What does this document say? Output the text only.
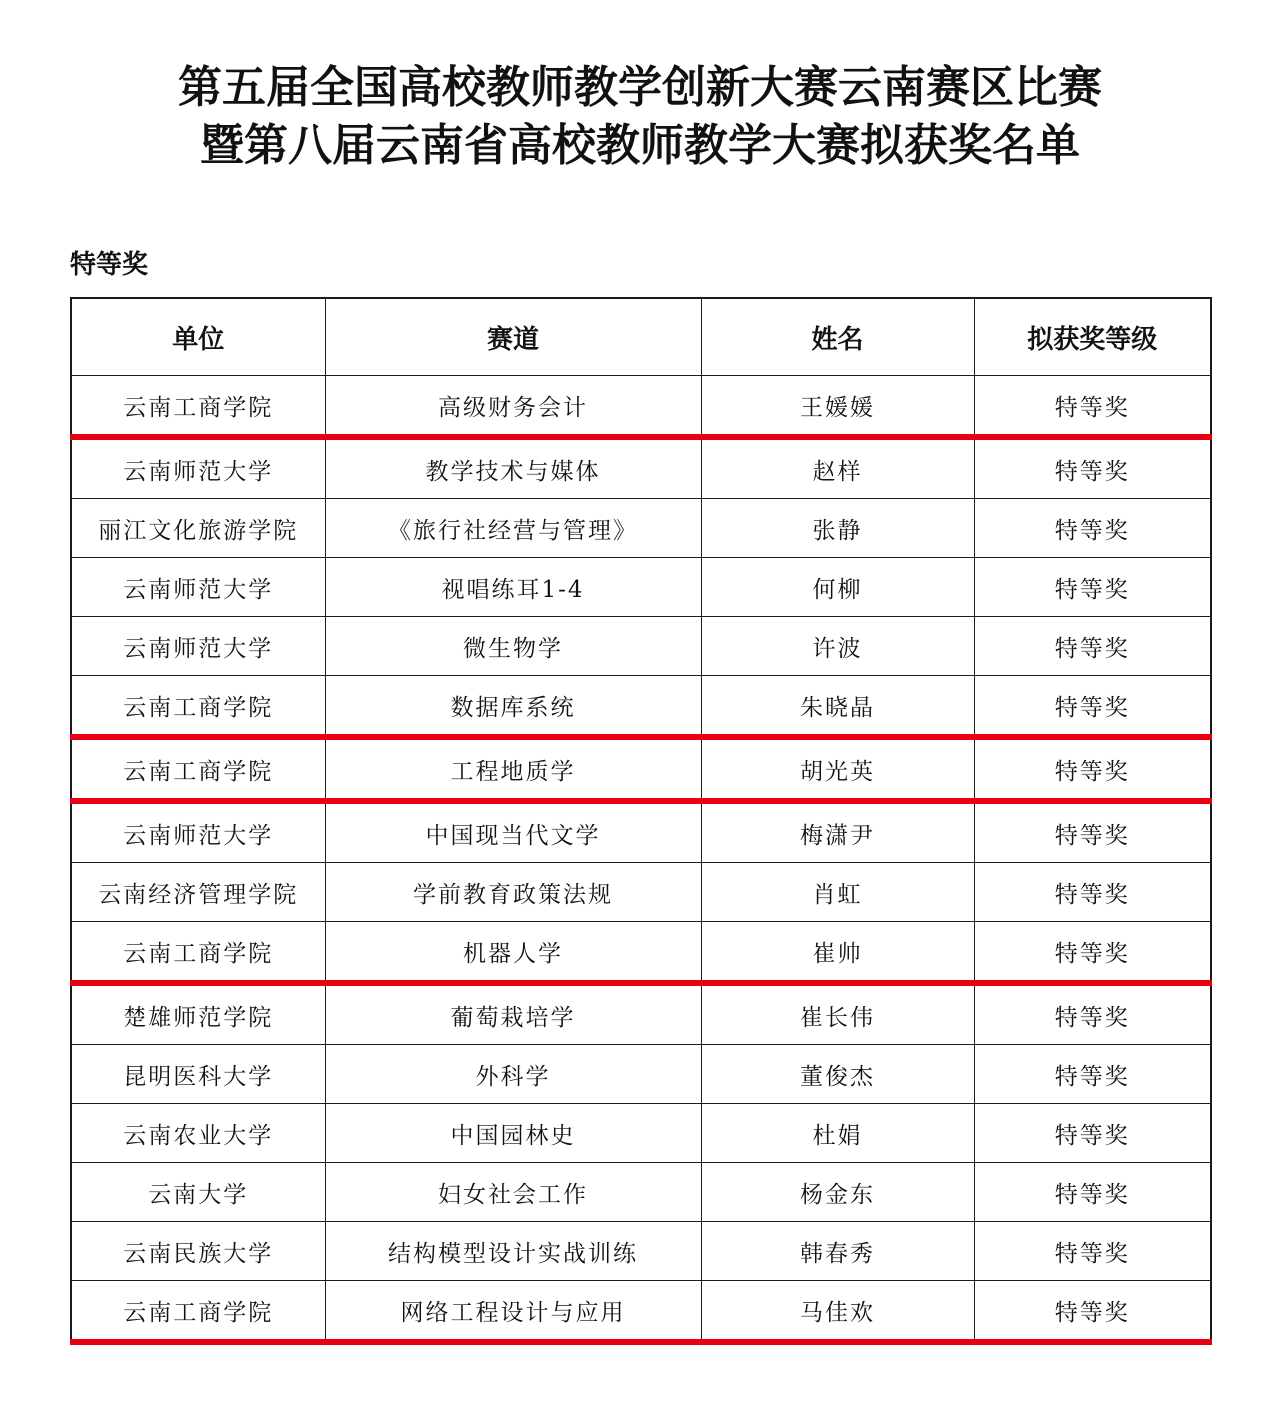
第五届全国高校教师教学创新大赛云南赛区比赛
暨第八届云南省高校教师教学大赛拟获奖名单
特等奖
单位	赛道	姓名	拟获奖等级
云南工商学院	高级财务会计	王媛媛	特等奖
云南师范大学	教学技术与媒体	赵样	特等奖
丽江文化旅游学院	《旅行社经营与管理》	张静	特等奖
云南师范大学	视唱练耳1-4	何柳	特等奖
云南师范大学	微生物学	许波	特等奖
云南工商学院	数据库系统	朱晓晶	特等奖
云南工商学院	工程地质学	胡光英	特等奖
云南师范大学	中国现当代文学	梅潇尹	特等奖
云南经济管理学院	学前教育政策法规	肖虹	特等奖
云南工商学院	机器人学	崔帅	特等奖
楚雄师范学院	葡萄栽培学	崔长伟	特等奖
昆明医科大学	外科学	董俊杰	特等奖
云南农业大学	中国园林史	杜娟	特等奖
云南大学	妇女社会工作	杨金东	特等奖
云南民族大学	结构模型设计实战训练	韩春秀	特等奖
云南工商学院	网络工程设计与应用	马佳欢	特等奖
